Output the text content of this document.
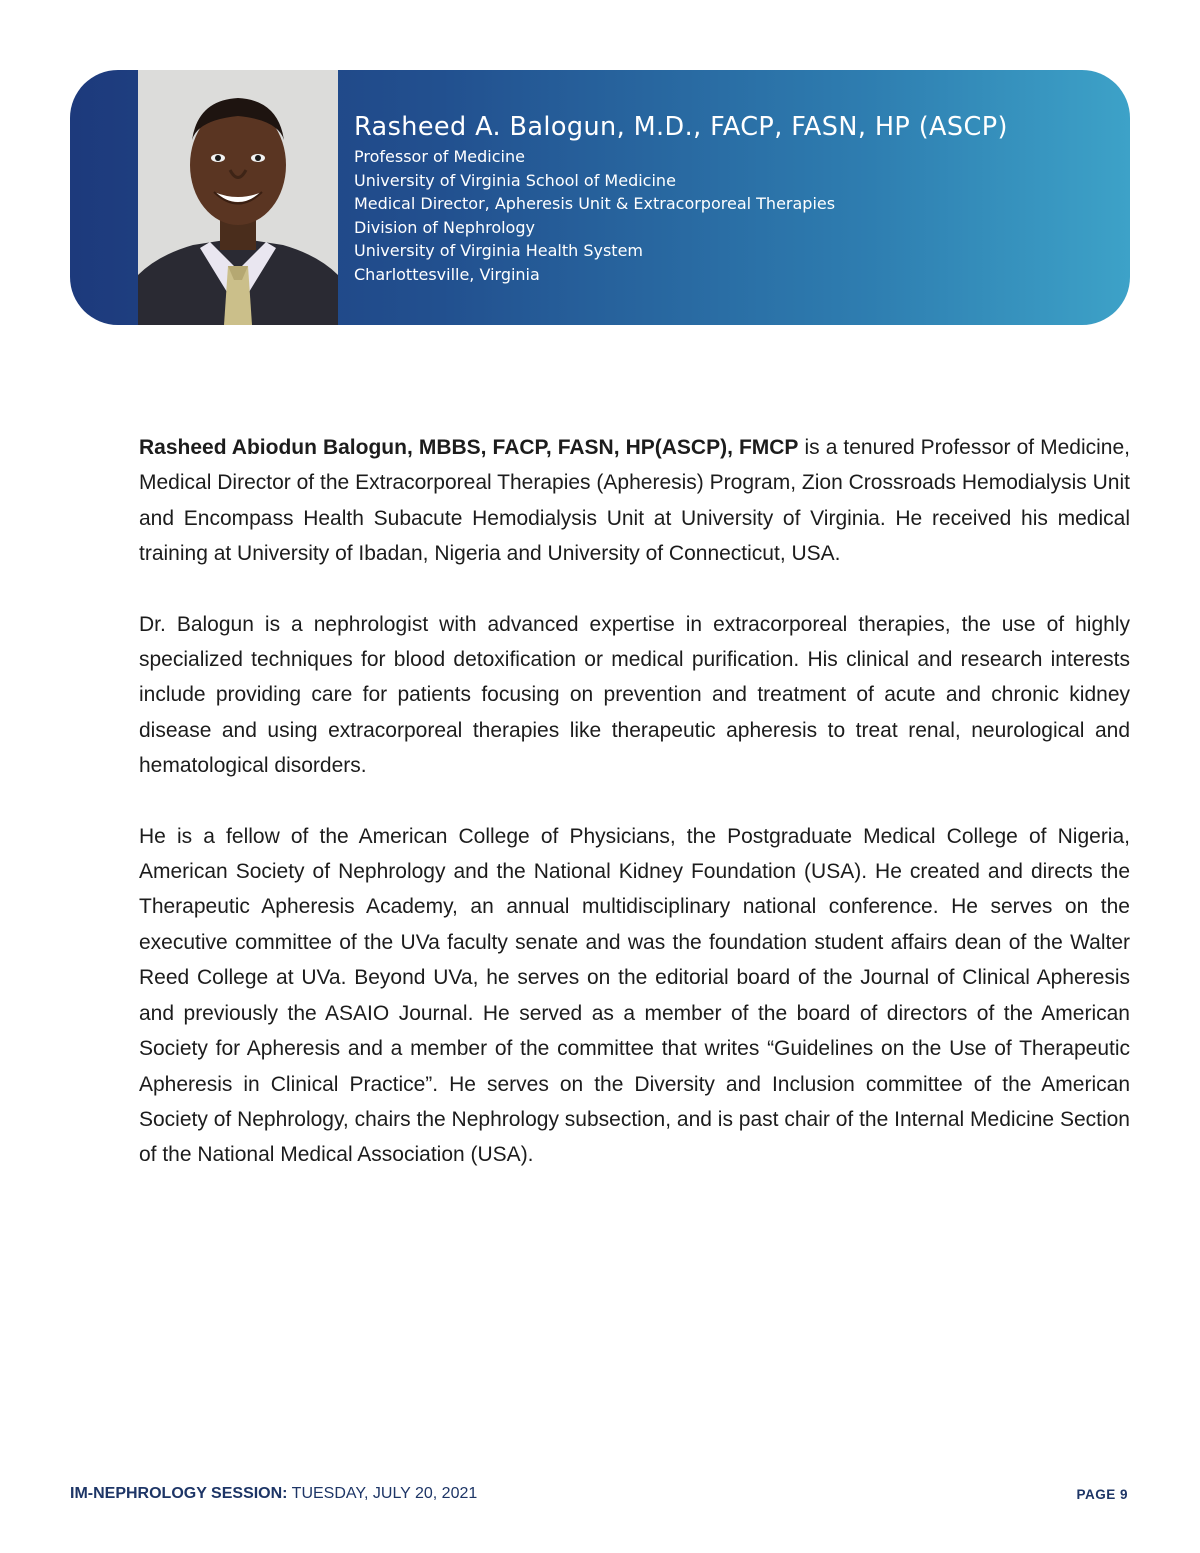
Rasheed A. Balogun, M.D., FACP, FASN, HP (ASCP)
Professor of Medicine
University of Virginia School of Medicine
Medical Director, Apheresis Unit & Extracorporeal Therapies
Division of Nephrology
University of Virginia Health System
Charlottesville, Virginia

Rasheed Abiodun Balogun, MBBS, FACP, FASN, HP(ASCP), FMCP is a tenured Professor of Medicine, Medical Director of the Extracorporeal Therapies (Apheresis) Program, Zion Crossroads Hemodialysis Unit and Encompass Health Subacute Hemodialysis Unit at University of Virginia. He received his medical training at University of Ibadan, Nigeria and University of Connecticut, USA.

Dr. Balogun is a nephrologist with advanced expertise in extracorporeal therapies, the use of highly specialized techniques for blood detoxification or medical purification. His clinical and research interests include providing care for patients focusing on prevention and treatment of acute and chronic kidney disease and using extracorporeal therapies like therapeutic apheresis to treat renal, neurological and hematological disorders.

He is a fellow of the American College of Physicians, the Postgraduate Medical College of Nigeria, American Society of Nephrology and the National Kidney Foundation (USA). He created and directs the Therapeutic Apheresis Academy, an annual multidisciplinary national conference. He serves on the executive committee of the UVa faculty senate and was the foundation student affairs dean of the Walter Reed College at UVa. Beyond UVa, he serves on the editorial board of the Journal of Clinical Apheresis and previously the ASAIO Journal. He served as a member of the board of directors of the American Society for Apheresis and a member of the committee that writes “Guidelines on the Use of Therapeutic Apheresis in Clinical Practice”. He serves on the Diversity and Inclusion committee of the American Society of Nephrology, chairs the Nephrology subsection, and is past chair of the Internal Medicine Section of the National Medical Association (USA).

IM-NEPHROLOGY SESSION: TUESDAY, JULY 20, 2021	PAGE 9
